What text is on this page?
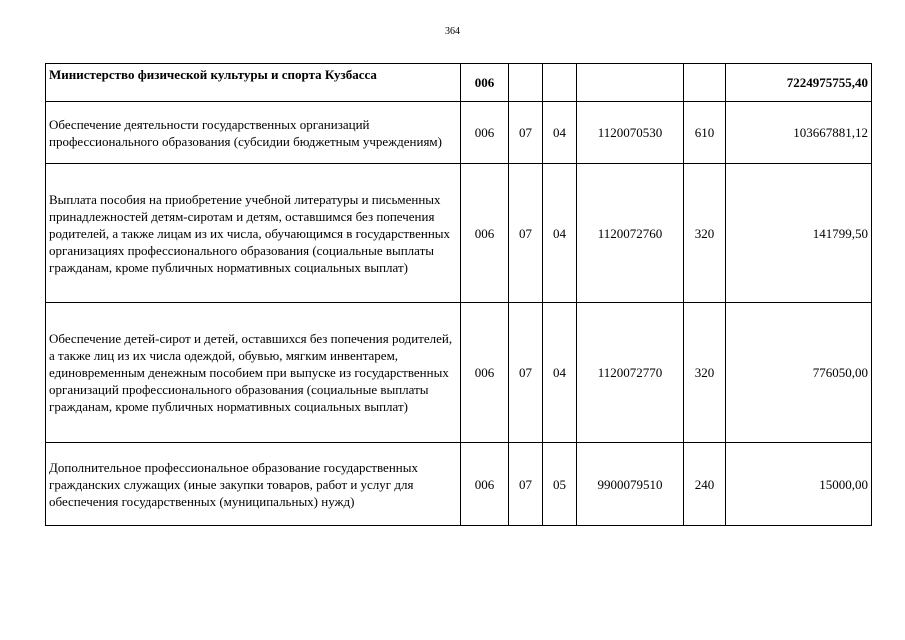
364
Министерство физической культуры и спорта Кузбасса	006					7224975755,40
Обеспечение деятельности государственных организаций профессионального образования (субсидии бюджетным учреждениям)	006	07	04	1120070530	610	103667881,12
Выплата пособия на приобретение учебной литературы и письменных принадлежностей детям-сиротам и детям, оставшимся без попечения родителей, а также лицам из их числа, обучающимся в государственных организациях профессионального образования (социальные выплаты гражданам, кроме публичных нормативных социальных выплат)	006	07	04	1120072760	320	141799,50
Обеспечение детей-сирот и детей, оставшихся без попечения родителей, а также лиц из их числа одеждой, обувью, мягким инвентарем, единовременным денежным пособием при выпуске из государственных организаций профессионального образования (социальные выплаты гражданам, кроме публичных нормативных социальных выплат)	006	07	04	1120072770	320	776050,00
Дополнительное профессиональное образование государственных гражданских служащих (иные закупки товаров, работ и услуг для обеспечения государственных (муниципальных) нужд)	006	07	05	9900079510	240	15000,00
